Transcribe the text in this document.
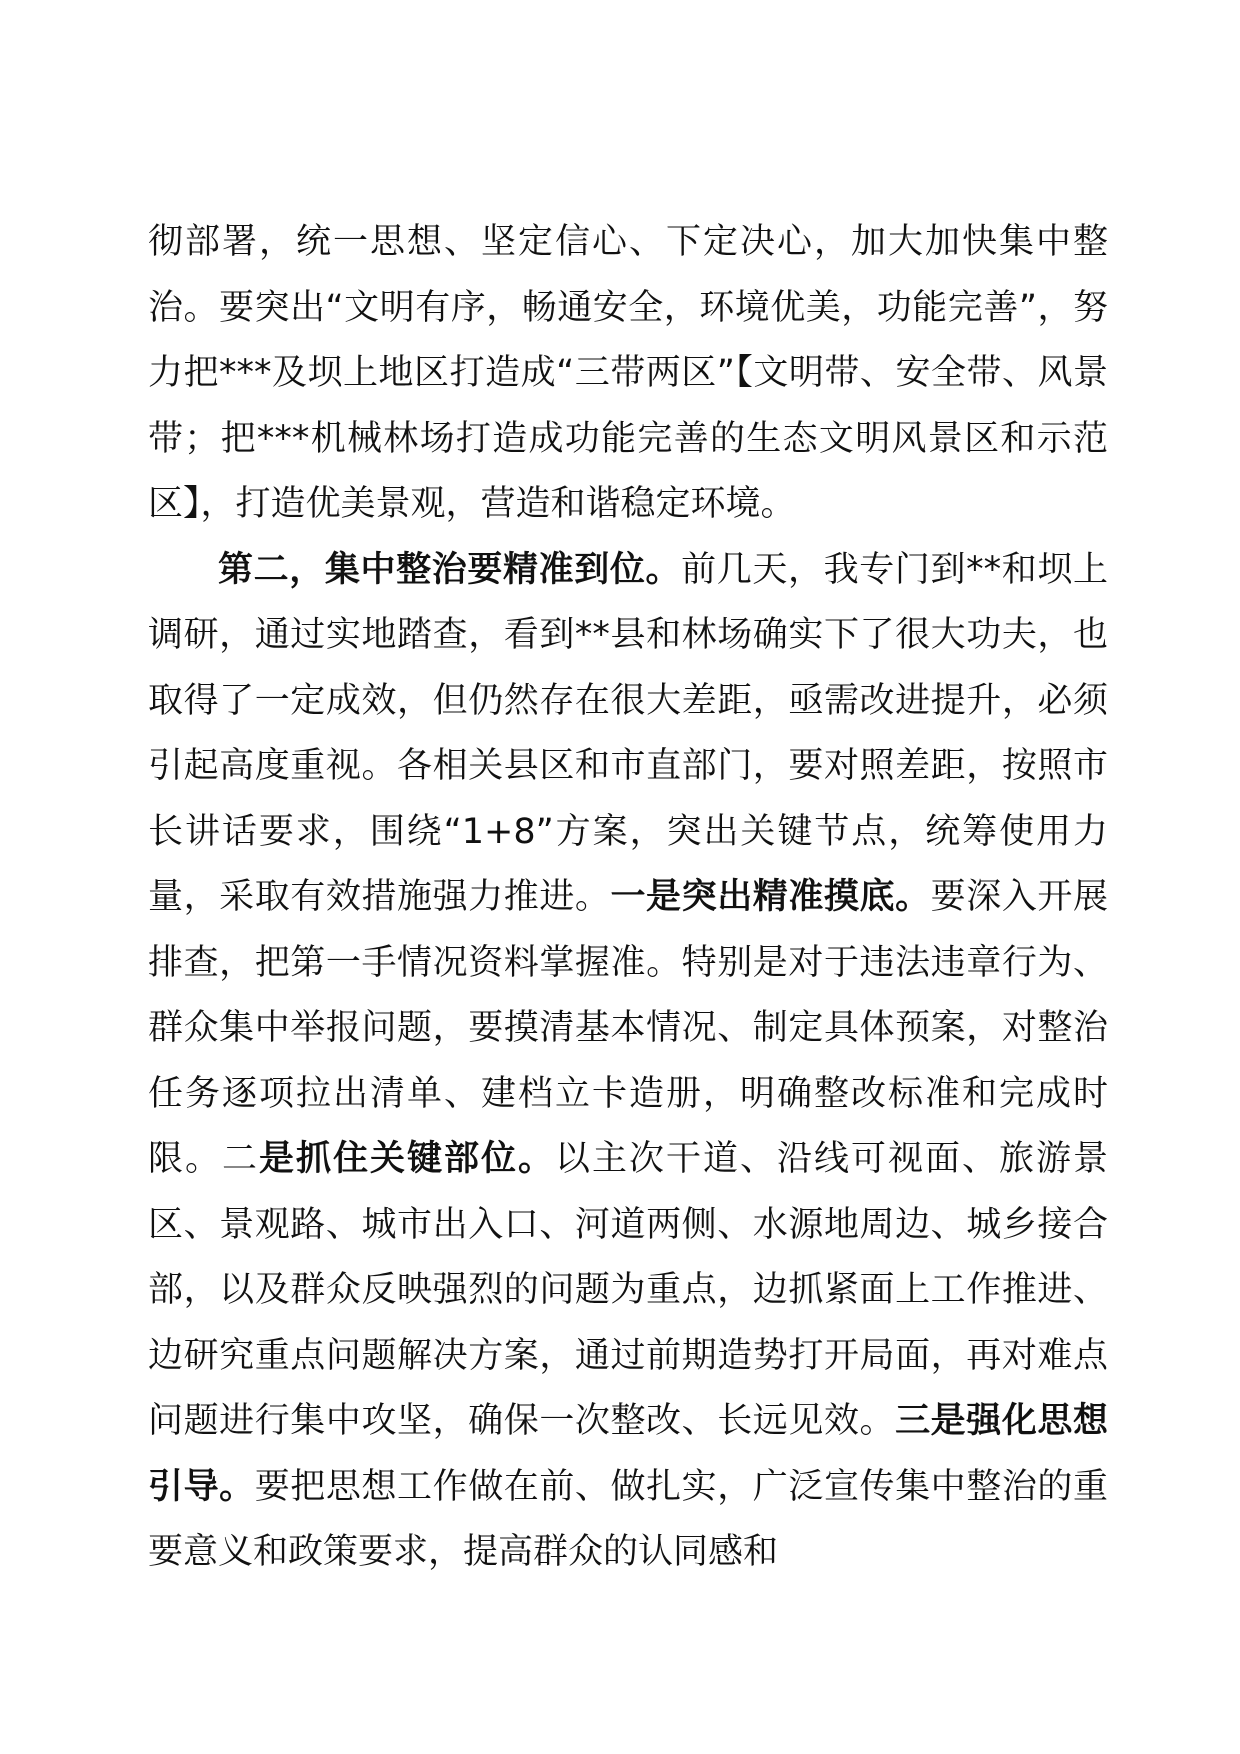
彻部署，统一思想、坚定信心、下定决心，加大加快集中整治。要突出“文明有序，畅通安全，环境优美，功能完善”，努力把***及坝上地区打造成“三带两区”【文明带、安全带、风景带；把***机械林场打造成功能完善的生态文明风景区和示范区】，打造优美景观，营造和谐稳定环境。

第二，集中整治要精准到位。前几天，我专门到**和坝上调研，通过实地踏查，看到**县和林场确实下了很大功夫，也取得了一定成效，但仍然存在很大差距，亟需改进提升，必须引起高度重视。各相关县区和市直部门，要对照差距，按照市长讲话要求，围绕“1+8”方案，突出关键节点，统筹使用力量，采取有效措施强力推进。一是突出精准摸底。要深入开展排查，把第一手情况资料掌握准。特别是对于违法违章行为、群众集中举报问题，要摸清基本情况、制定具体预案，对整治任务逐项拉出清单、建档立卡造册，明确整改标准和完成时限。二是抓住关键部位。以主次干道、沿线可视面、旅游景区、景观路、城市出入口、河道两侧、水源地周边、城乡接合部，以及群众反映强烈的问题为重点，边抓紧面上工作推进、边研究重点问题解决方案，通过前期造势打开局面，再对难点问题进行集中攻坚，确保一次整改、长远见效。三是强化思想引导。要把思想工作做在前、做扎实，广泛宣传集中整治的重要意义和政策要求，提高群众的认同感和
